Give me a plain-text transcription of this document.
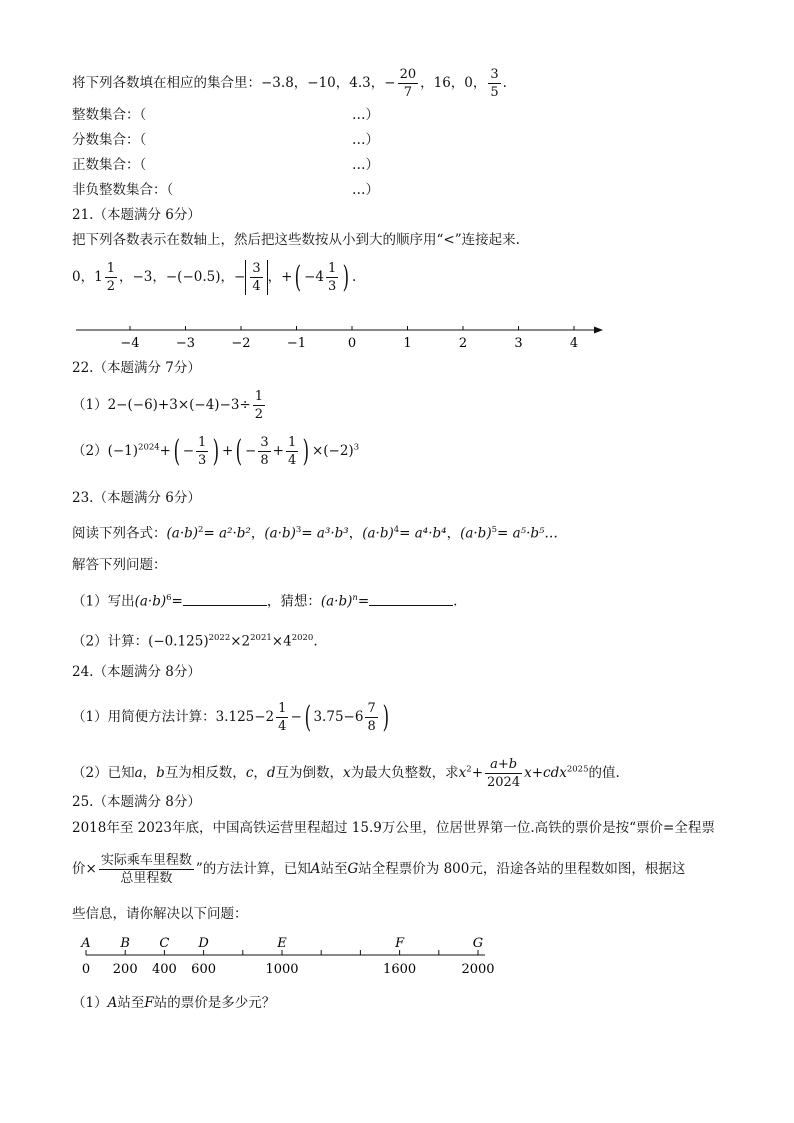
将下列各数填在相应的集合里：−3.8，−10，4.3，− $\frac{20}{7}$ ，16，0， $\frac{3}{5}$ .
整数集合：（	…）
分数集合：（	…）
正数集合：（	…）
非负整数集合：（	…）
21.（本题满分 6分）
把下列各数表示在数轴上，然后把这些数按从小到大的顺序用“<”连接起来.
0，$1 \frac{1}{2}$ ，−3，−(−0.5)，− $\frac{3}{4}$ ，+( $-4 \frac{1}{3}$ ) .
−4	−3	−2	−1	0	1	2	3	4
22.（本题满分 7分）
$(1)2-(-6)+3\times(-4)-3\div \frac{1}{2}$
$(2)(-1)^{2024}+( - \frac{1}{3}$ ) +( − $\frac{3}{8} + \frac{1}{4}$ ) $\times(-2)^3$
23.（本题满分 6分）
阅读下列各式：$(a\cdot b)^2= a^2\cdot b^2$，$(a\cdot b)^3= a^3\cdot b^3$，$(a\cdot b)^4= a^4\cdot b^4$，$(a\cdot b)^5=$ a⁵·b⁵…
解答下列问题：
（1）写出$(a\cdot b)^6=$	，猜想：$(a\cdot b)^n=$	.
（2）计算：$(-0.125)^{2022}\times 2^{2021}\times 4^{2020}$.
24.（本题满分 8分）
（1）用简便方法计算：$3.125-2 \frac{1}{4}$ −( $3.75-6 \frac{7}{8}$ )
（2）已知a，b互为相反数，c，d互为倒数，x为最大负整数，求$x^2+ \frac{a+b}{2024} x+cdx^{2025}$的值.
25.（本题满分 8分）
2018年至 2023年底，中国高铁运营里程超过 15.9万公里，位居世界第一位.高铁的票价是按“票价=全程票
价× $\frac{\text{实际乘车里程数}}{\text{总里程数}}$ ”的方法计算，已知A站至G站全程票价为 800元，沿途各站的里程数如图，根据这
些信息，请你解决以下问题：
A
0
B
200
C
400
D
600
E
1000
F
1600
G
2000
（1）A站至F站的票价是多少元？
